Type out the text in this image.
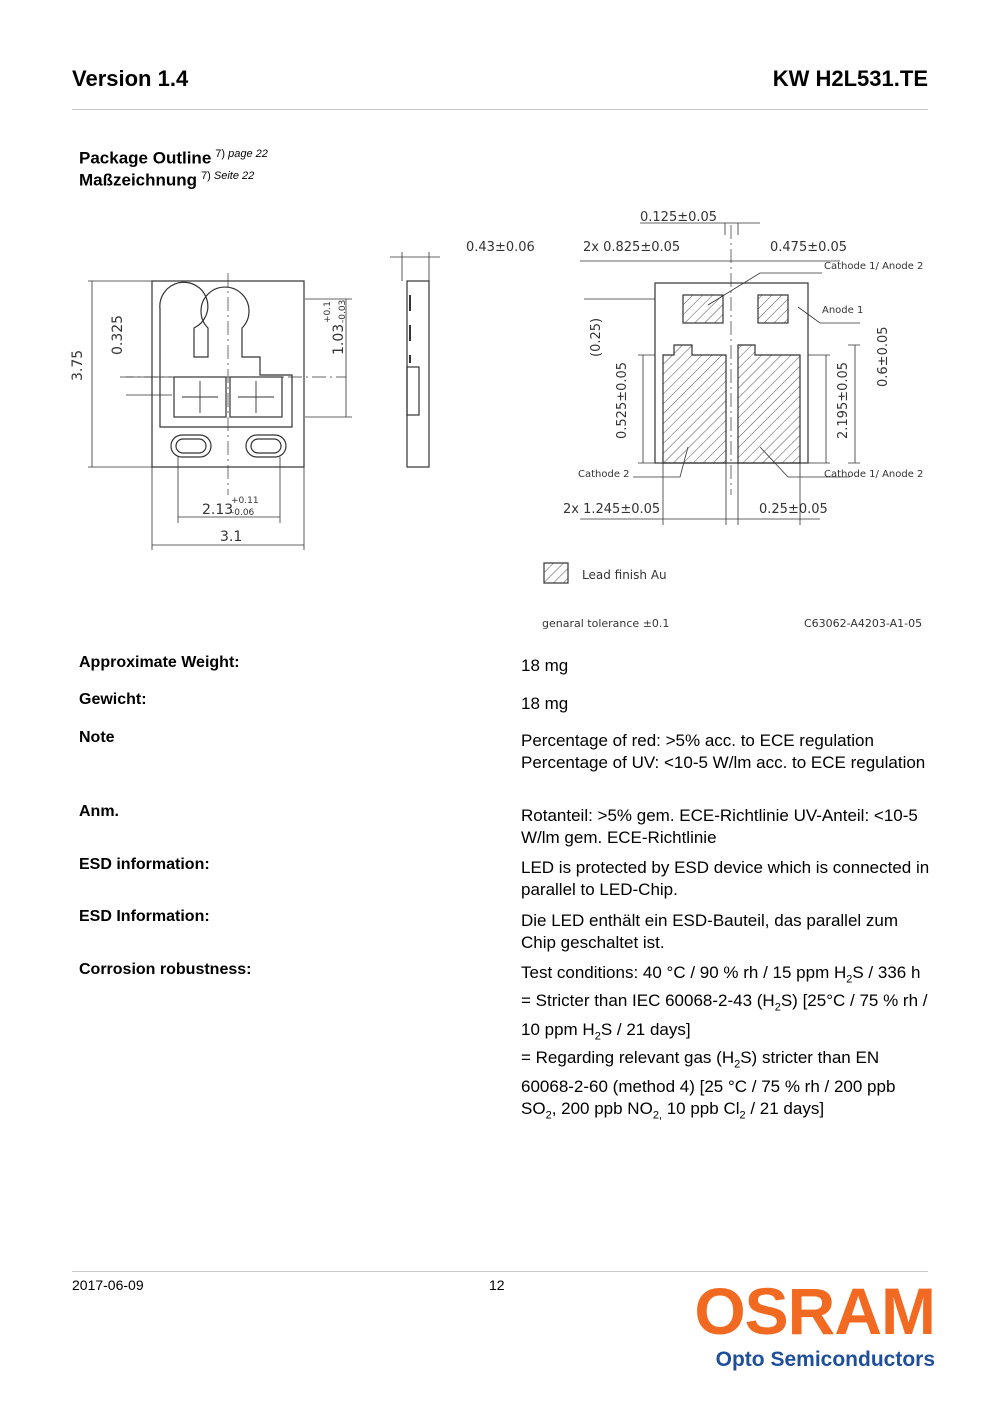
Version 1.4	KW H2L531.TE
Package Outline $^{7) page 22}$
Maßzeichnung $^{7) Seite 22}$
3.75
0.325	1.03
+0.1 -0.03
2.13
+0.11
-0.06
3.1
0.43±0.06
0.125±0.05
2x 0.825±0.05	0.475±0.05
(0.25)
0.525±0.05	2.195±0.05
0.6±0.05
2x 1.245±0.05	0.25±0.05
Cathode 1/ Anode 2
Anode 1
Cathode 2	Cathode 1/ Anode 2
Lead finish Au
genaral tolerance ±0.1	C63062-A4203-A1-05
Approximate Weight:	18 mg
Gewicht:	18 mg
Note	Percentage of red: >5% acc. to ECE regulation Percentage of UV: <10-5 W/lm acc. to ECE regulation
Anm.	Rotanteil: >5% gem. ECE-Richtlinie UV-Anteil: <10-5 W/lm gem. ECE-Richtlinie
ESD information:	LED is protected by ESD device which is connected in parallel to LED-Chip.
ESD Information:	Die LED enthält ein ESD-Bauteil, das parallel zum Chip geschaltet ist.
Corrosion robustness:	Test conditions: 40 °C / 90 % rh / 15 ppm $H_2S / 336$ h
= Stricter than IEC 60068-2-43 $(H_2S)$ [25°C / 75 % rh / 10 ppm $H_2S / 21$ days]
= Regarding relevant gas $(H_2S)$ stricter than EN 60068-2-60 (method 4) [25 °C / 75 % rh / 200 ppb $SO_2$, 200 ppb $NO_{2,}$ 10 ppb $Cl_2 / 21$ days]
2017-06-09	12	OSRAM
Opto Semiconductors
